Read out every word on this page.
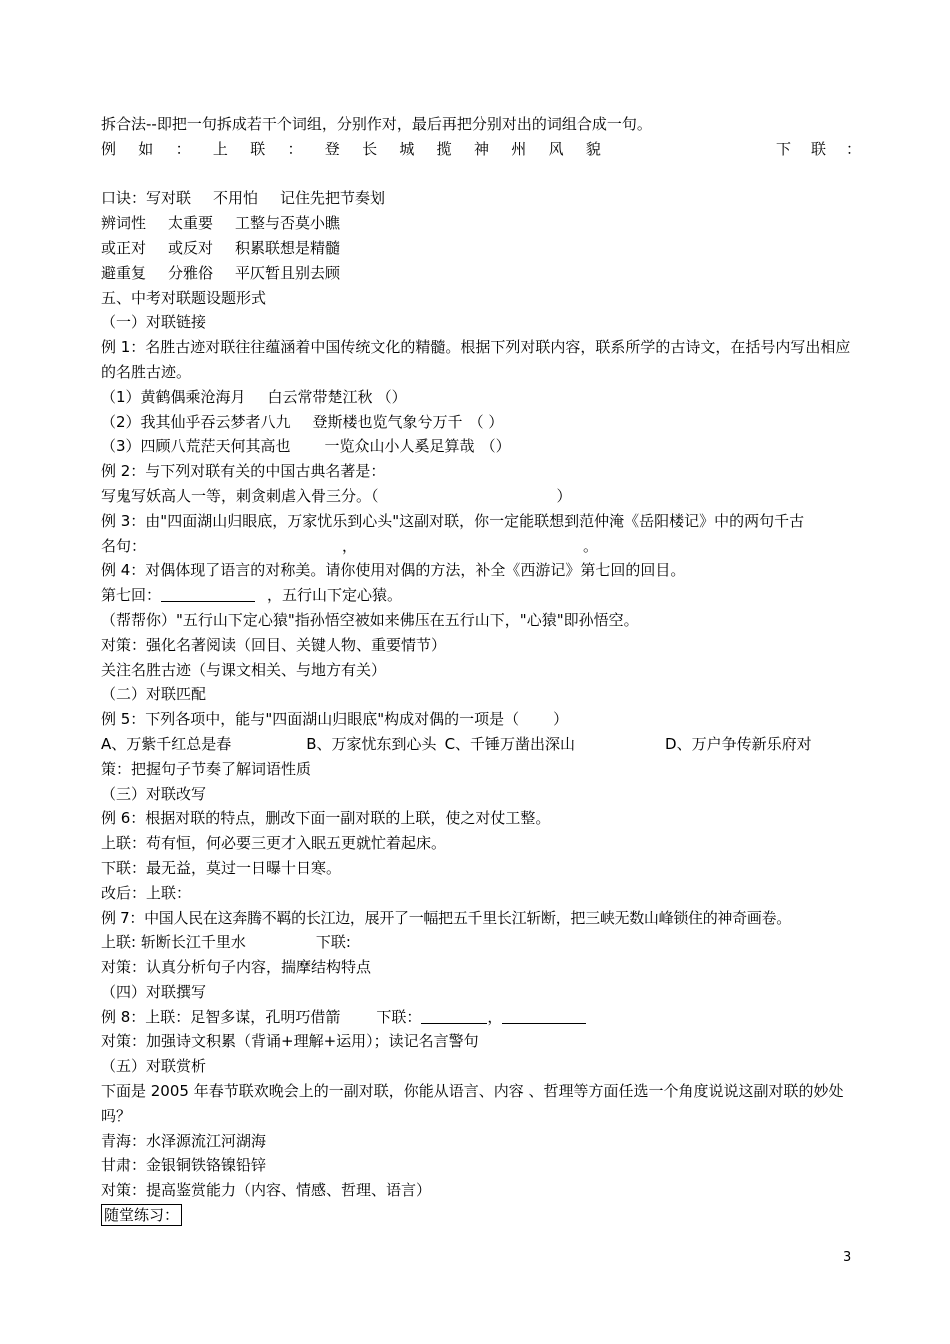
拆合法--即把一句拆成若干个词组，分别作对，最后再把分别对出的词组合成一句。
例 如 ： 上 联 ： 登 长 城 揽 神 州 风 貌	下 联 ：
口诀：写对联 不用怕 记住先把节奏划
辨词性 太重要 工整与否莫小瞧
或正对 或反对 积累联想是精髓
避重复 分雅俗 平仄暂且别去顾
五、中考对联题设题形式
（一）对联链接
例 1：名胜古迹对联往往蕴涵着中国传统文化的精髓。根据下列对联内容，联系所学的古诗文，在括号内写出相应的名胜古迹。
（1）黄鹤偶乘沧海月 白云常带楚江秋 （）
（2）我其仙乎吞云梦者八九 登斯楼也览气象兮万千 （ ）
（3）四顾八荒茫天何其高也 一览众山小人奚足算哉 （）
例 2：与下列对联有关的中国古典名著是：
写鬼写妖高人一等，刺贪刺虐入骨三分。（	）
例 3：由"四面湖山归眼底，万家忧乐到心头"这副对联，你一定能联想到范仲淹《岳阳楼记》中的两句千古
名句：	，	。
例 4：对偶体现了语言的对称美。请你使用对偶的方法，补全《西游记》第七回的回目。
第七回：	，五行山下定心猿。
（帮帮你）"五行山下定心猿"指孙悟空被如来佛压在五行山下，"心猿"即孙悟空。
对策：强化名著阅读（回目、关键人物、重要情节）
关注名胜古迹（与课文相关、与地方有关）
（二）对联匹配
例 5：下列各项中，能与"四面湖山归眼底"构成对偶的一项是（ ）
A、万紫千红总是春	B、万家忧东到心头 C、千锤万凿出深山	D、万户争传新乐府对
策：把握句子节奏了解词语性质
（三）对联改写
例 6：根据对联的特点，删改下面一副对联的上联，使之对仗工整。
上联：苟有恒，何必要三更才入眠五更就忙着起床。
下联：最无益，莫过一日曝十日寒。
改后：上联：
例 7：中国人民在这奔腾不羁的长江边，展开了一幅把五千里长江斩断，把三峡无数山峰锁住的神奇画卷。
上联: 斩断长江千里水	下联:
对策：认真分析句子内容，揣摩结构特点
（四）对联撰写
例 8：上联：足智多谋，孔明巧借箭 下联：	，
对策：加强诗文积累（背诵+理解+运用）；读记名言警句
（五）对联赏析
下面是 2005 年春节联欢晚会上的一副对联，你能从语言、内容 、哲理等方面任选一个角度说说这副对联的妙处吗？
青海：水泽源流江河湖海
甘肃：金银铜铁铬镍铅锌
对策：提高鉴赏能力（内容、情感、哲理、语言）
随堂练习：
3
